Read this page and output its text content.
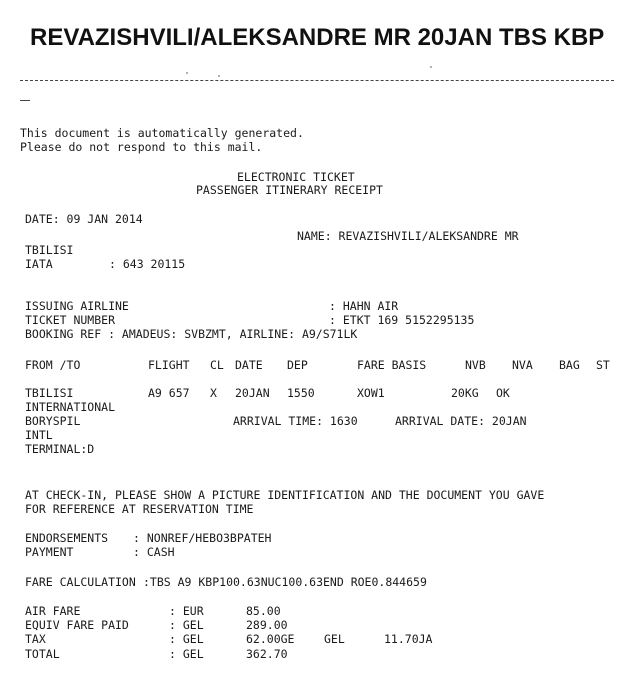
REVAZISHVILI/ALEKSANDRE MR 20JAN TBS KBP
This document is automatically generated.
Please do not respond to this mail.
ELECTRONIC TICKET
PASSENGER ITINERARY RECEIPT
DATE: 09 JAN 2014
NAME: REVAZISHVILI/ALEKSANDRE MR
TBILISI
IATA	: 643 20115
ISSUING AIRLINE	: HAHN AIR
TICKET NUMBER	: ETKT 169 5152295135
BOOKING REF : AMADEUS: SVBZMT, AIRLINE: A9/S71LK
FROM /TO	FLIGHT CL DATE DEP	FARE BASIS	NVB NVA BAG ST
TBILISI	A9 657 X 20JAN 1550	XOW1	20KG OK
INTERNATIONAL
BORYSPIL	ARRIVAL TIME: 1630	ARRIVAL DATE: 20JAN
INTL
TERMINAL:D
AT CHECK-IN, PLEASE SHOW A PICTURE IDENTIFICATION AND THE DOCUMENT YOU GAVE
FOR REFERENCE AT RESERVATION TIME
ENDORSEMENTS : NONREF/НЕВОЗВРАТЕН
PAYMENT	: CASH
FARE CALCULATION :TBS A9 KBP100.63NUC100.63END ROE0.844659
AIR FARE	: EUR	85.00
EQUIV FARE PAID	: GEL	289.00
TAX	: GEL	62.00GE	GEL	11.70JA
TOTAL	: GEL	362.70
